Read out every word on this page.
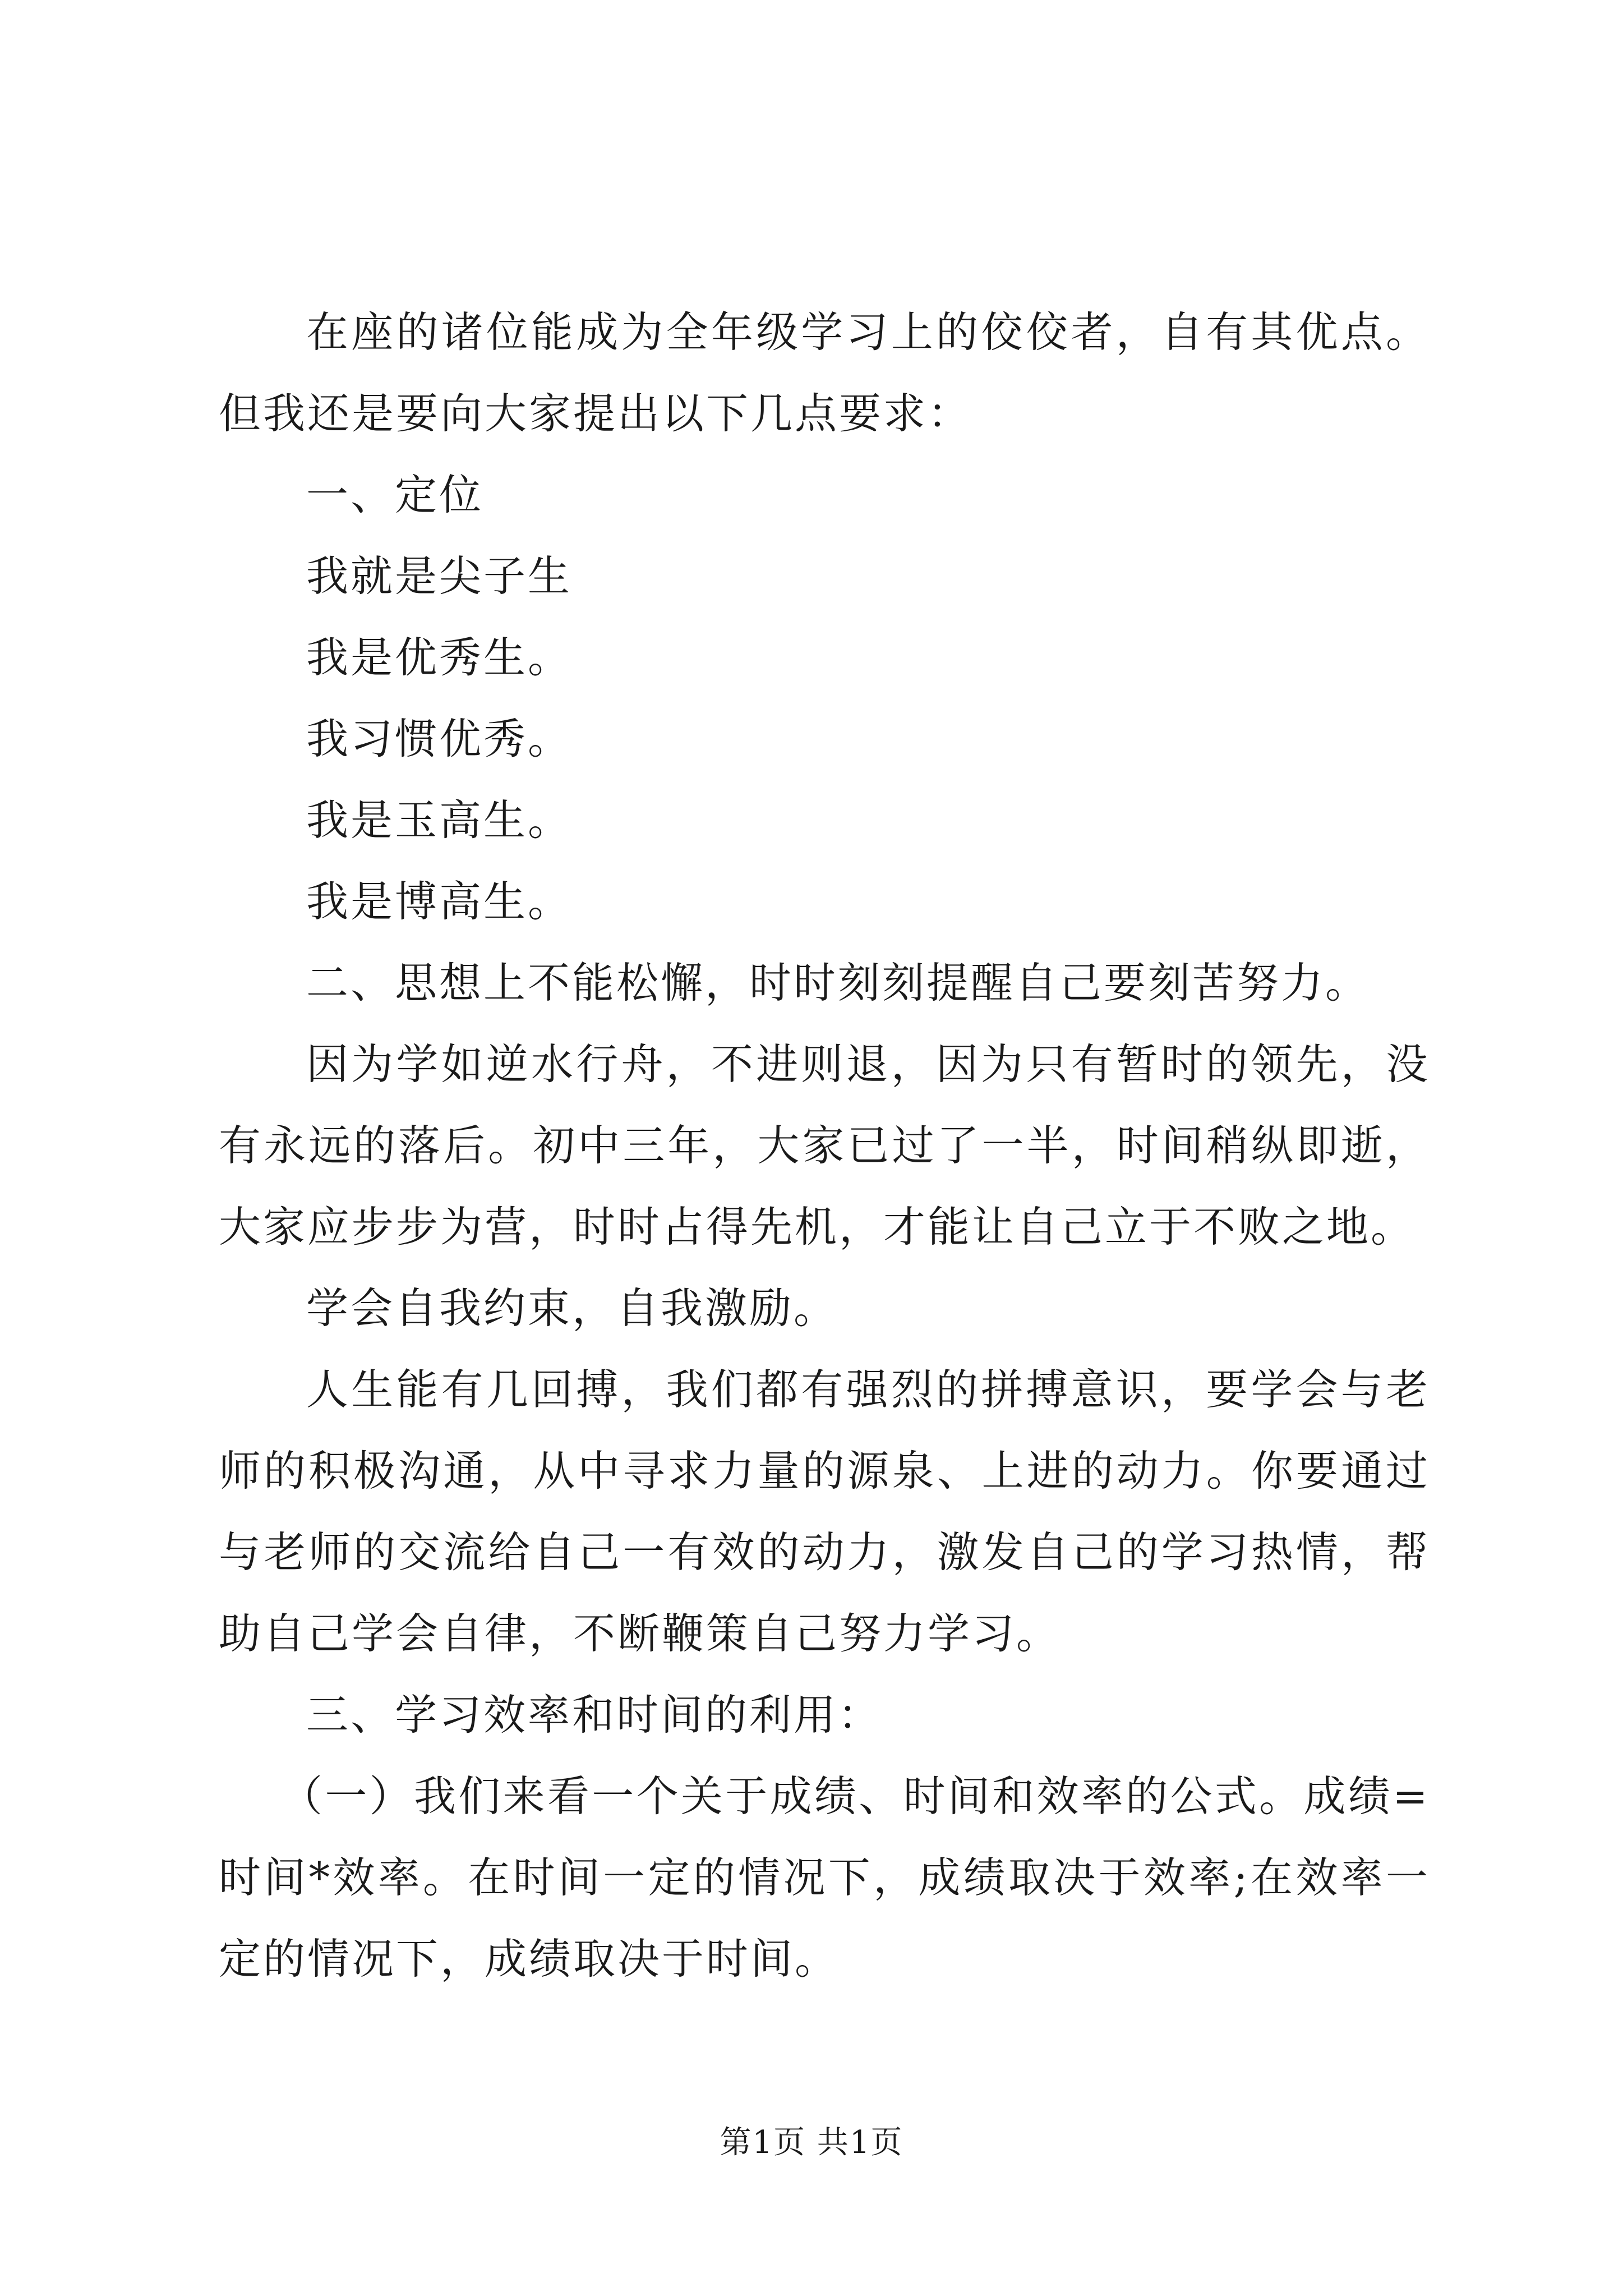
在座的诸位能成为全年级学习上的佼佼者，自有其优点。但我还是要向大家提出以下几点要求：

一、定位

我就是尖子生

我是优秀生。

我习惯优秀。

我是玉高生。

我是博高生。

二、思想上不能松懈，时时刻刻提醒自己要刻苦努力。

因为学如逆水行舟，不进则退，因为只有暂时的领先，没有永远的落后。初中三年，大家已过了一半，时间稍纵即逝，大家应步步为营，时时占得先机，才能让自己立于不败之地。

学会自我约束，自我激励。

人生能有几回搏，我们都有强烈的拼搏意识，要学会与老师的积极沟通，从中寻求力量的源泉、上进的动力。你要通过与老师的交流给自己一有效的动力，激发自己的学习热情，帮助自己学会自律，不断鞭策自己努力学习。

三、学习效率和时间的利用：

（一）我们来看一个关于成绩、时间和效率的公式。成绩=时间*效率。在时间一定的情况下，成绩取决于效率;在效率一定的情况下，成绩取决于时间。

第1页 共1页
